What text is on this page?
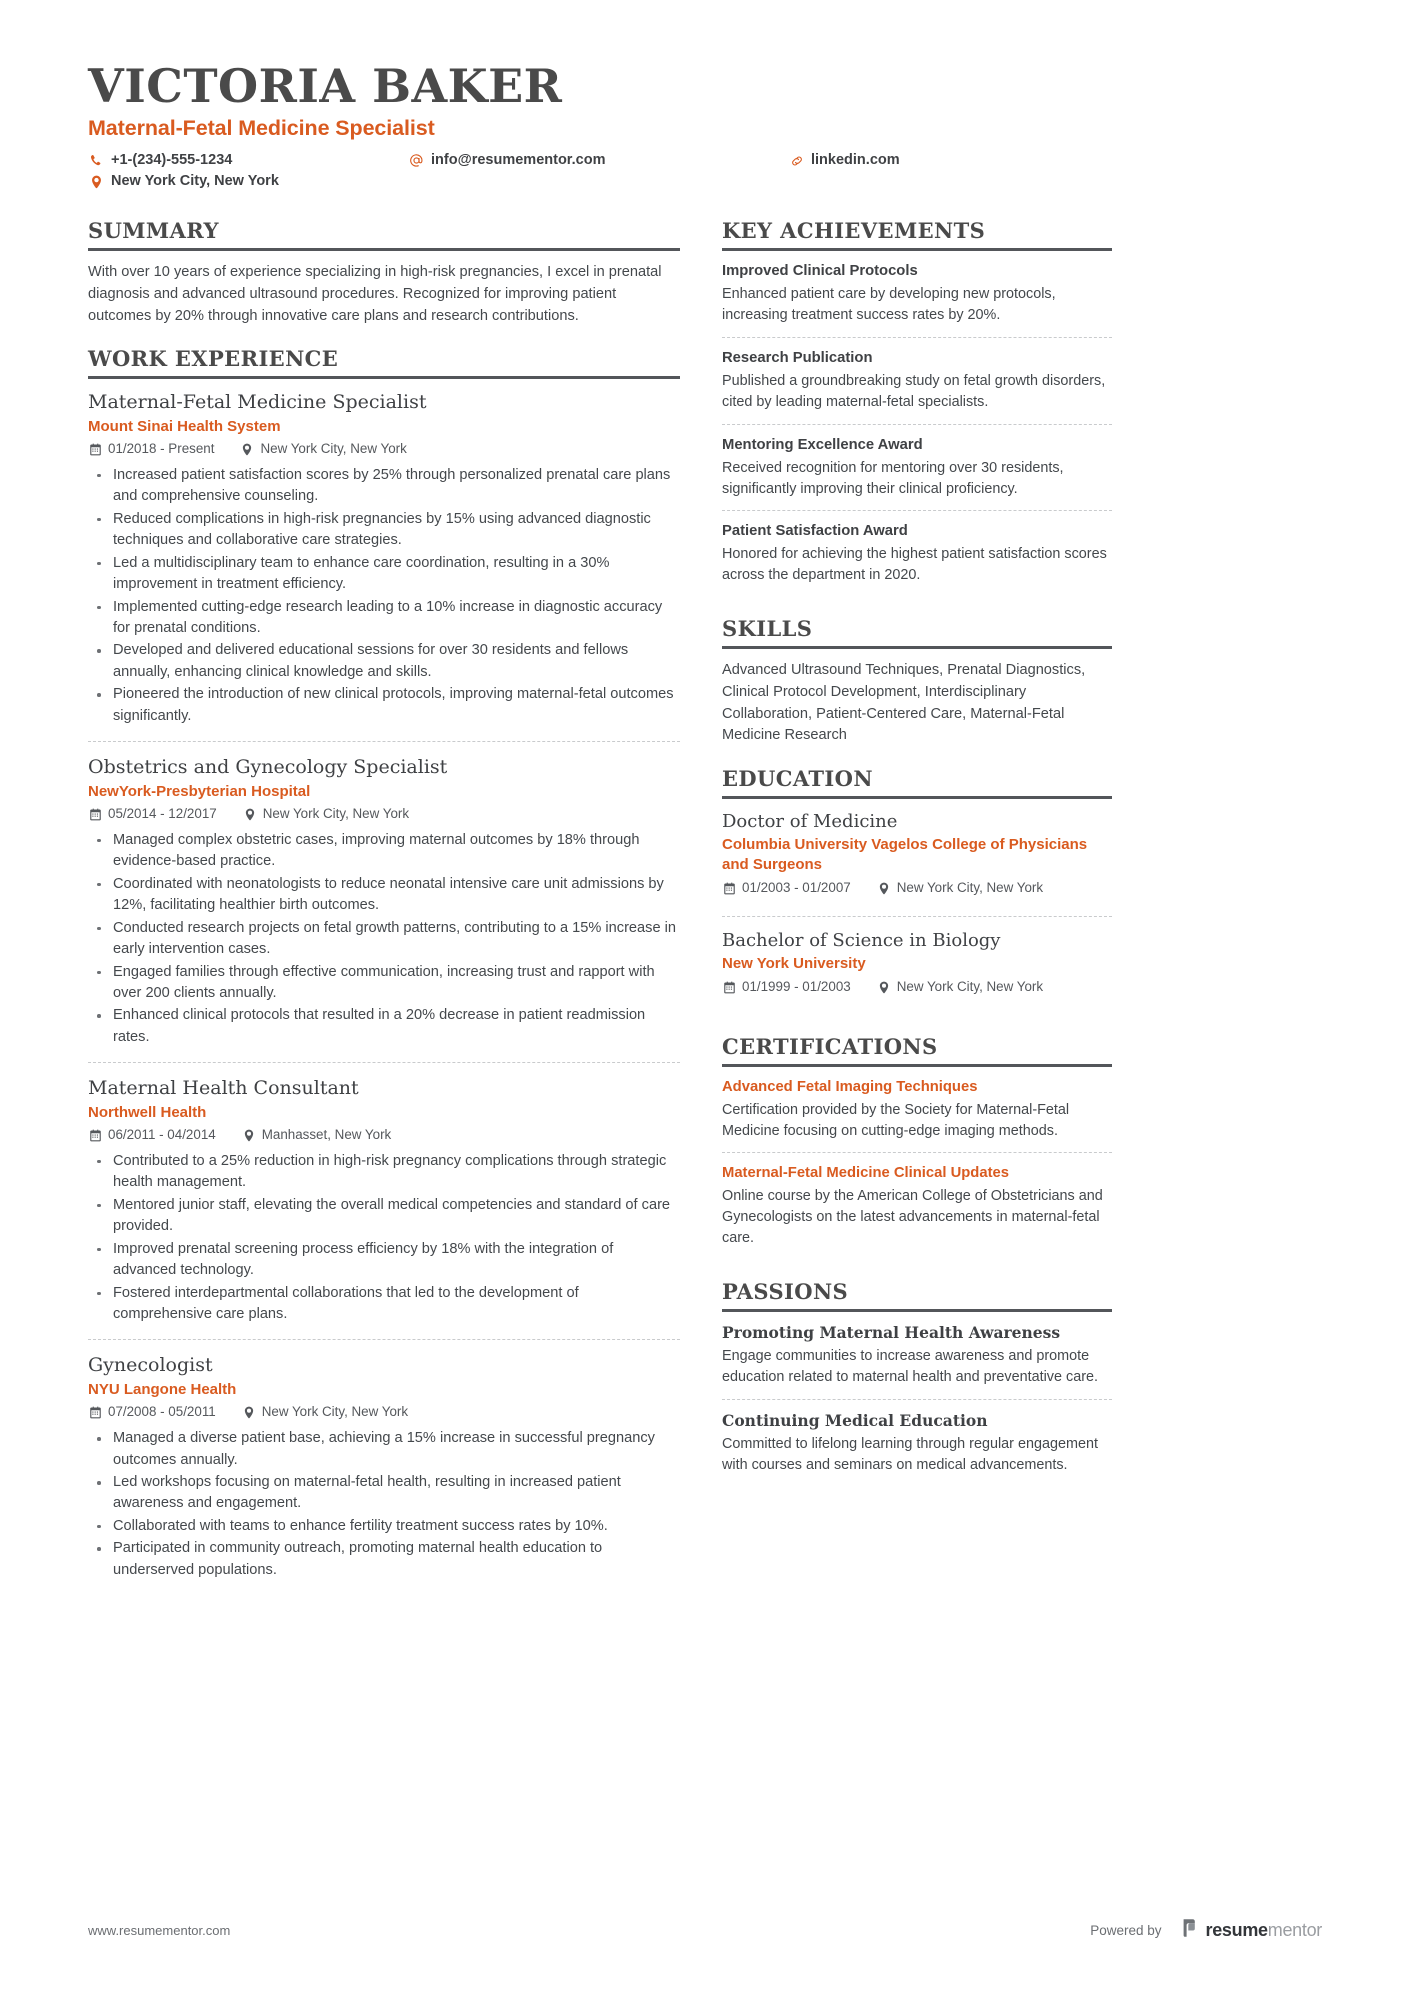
VICTORIA BAKER
Maternal-Fetal Medicine Specialist
+1-(234)-555-1234	info@resumementor.com	linkedin.com
New York City, New York
SUMMARY
With over 10 years of experience specializing in high-risk pregnancies, I excel in prenatal diagnosis and advanced ultrasound procedures. Recognized for improving patient outcomes by 20% through innovative care plans and research contributions.
WORK EXPERIENCE
Maternal-Fetal Medicine Specialist
Mount Sinai Health System
01/2018 - Present	New York City, New York
Increased patient satisfaction scores by 25% through personalized prenatal care plans and comprehensive counseling.
Reduced complications in high-risk pregnancies by 15% using advanced diagnostic techniques and collaborative care strategies.
Led a multidisciplinary team to enhance care coordination, resulting in a 30% improvement in treatment efficiency.
Implemented cutting-edge research leading to a 10% increase in diagnostic accuracy for prenatal conditions.
Developed and delivered educational sessions for over 30 residents and fellows annually, enhancing clinical knowledge and skills.
Pioneered the introduction of new clinical protocols, improving maternal-fetal outcomes significantly.
Obstetrics and Gynecology Specialist
NewYork-Presbyterian Hospital
05/2014 - 12/2017	New York City, New York
Managed complex obstetric cases, improving maternal outcomes by 18% through evidence-based practice.
Coordinated with neonatologists to reduce neonatal intensive care unit admissions by 12%, facilitating healthier birth outcomes.
Conducted research projects on fetal growth patterns, contributing to a 15% increase in early intervention cases.
Engaged families through effective communication, increasing trust and rapport with over 200 clients annually.
Enhanced clinical protocols that resulted in a 20% decrease in patient readmission rates.
Maternal Health Consultant
Northwell Health
06/2011 - 04/2014	Manhasset, New York
Contributed to a 25% reduction in high-risk pregnancy complications through strategic health management.
Mentored junior staff, elevating the overall medical competencies and standard of care provided.
Improved prenatal screening process efficiency by 18% with the integration of advanced technology.
Fostered interdepartmental collaborations that led to the development of comprehensive care plans.
Gynecologist
NYU Langone Health
07/2008 - 05/2011	New York City, New York
Managed a diverse patient base, achieving a 15% increase in successful pregnancy outcomes annually.
Led workshops focusing on maternal-fetal health, resulting in increased patient awareness and engagement.
Collaborated with teams to enhance fertility treatment success rates by 10%.
Participated in community outreach, promoting maternal health education to underserved populations.
KEY ACHIEVEMENTS
Improved Clinical Protocols
Enhanced patient care by developing new protocols, increasing treatment success rates by 20%.
Research Publication
Published a groundbreaking study on fetal growth disorders, cited by leading maternal-fetal specialists.
Mentoring Excellence Award
Received recognition for mentoring over 30 residents, significantly improving their clinical proficiency.
Patient Satisfaction Award
Honored for achieving the highest patient satisfaction scores across the department in 2020.
SKILLS
Advanced Ultrasound Techniques, Prenatal Diagnostics, Clinical Protocol Development, Interdisciplinary Collaboration, Patient-Centered Care, Maternal-Fetal Medicine Research
EDUCATION
Doctor of Medicine
Columbia University Vagelos College of Physicians and Surgeons
01/2003 - 01/2007	New York City, New York
Bachelor of Science in Biology
New York University
01/1999 - 01/2003	New York City, New York
CERTIFICATIONS
Advanced Fetal Imaging Techniques
Certification provided by the Society for Maternal-Fetal Medicine focusing on cutting-edge imaging methods.
Maternal-Fetal Medicine Clinical Updates
Online course by the American College of Obstetricians and Gynecologists on the latest advancements in maternal-fetal care.
PASSIONS
Promoting Maternal Health Awareness
Engage communities to increase awareness and promote education related to maternal health and preventative care.
Continuing Medical Education
Committed to lifelong learning through regular engagement with courses and seminars on medical advancements.
www.resumementor.com	Powered by resumementor
